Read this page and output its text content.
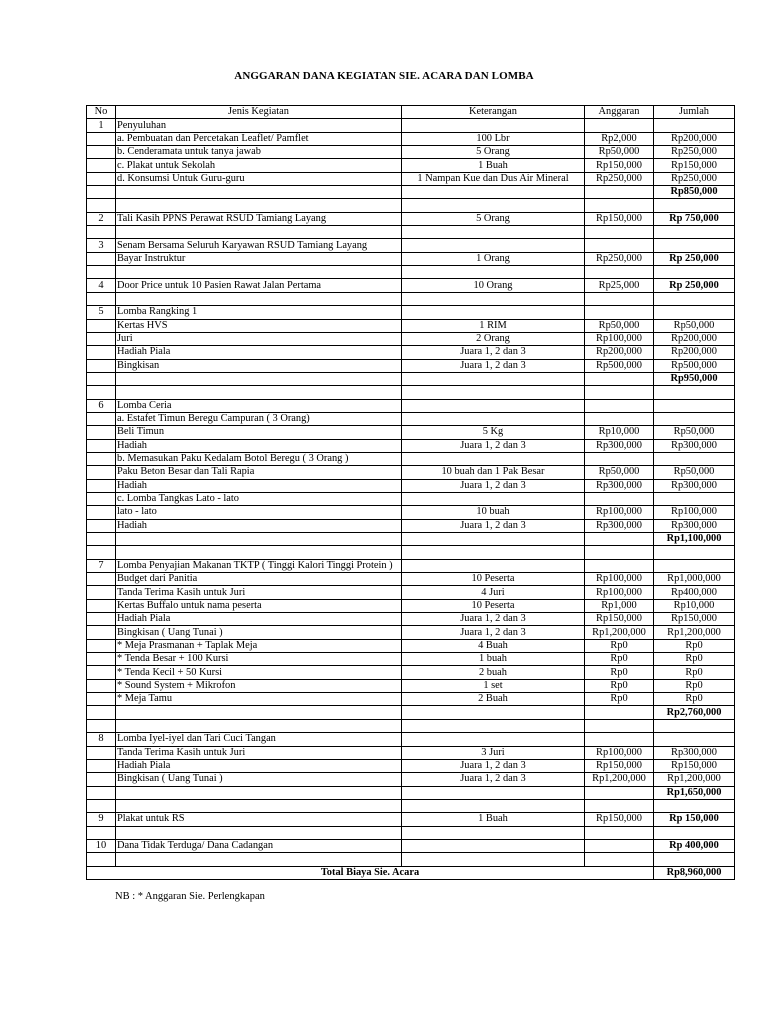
ANGGARAN DANA KEGIATAN SIE. ACARA DAN LOMBA
No	Jenis Kegiatan	Keterangan	Anggaran	Jumlah
1	Penyuluhan			
	a. Pembuatan dan Percetakan Leaflet/ Pamflet	100 Lbr	Rp2,000	Rp200,000
	b. Cenderamata untuk tanya jawab	5 Orang	Rp50,000	Rp250,000
	c. Plakat untuk Sekolah	1 Buah	Rp150,000	Rp150,000
	d. Konsumsi Untuk Guru-guru	1 Nampan Kue dan Dus Air Mineral	Rp250,000	Rp250,000
				Rp850,000

2	Tali Kasih PPNS Perawat RSUD Tamiang Layang	5 Orang	Rp150,000	Rp 750,000

3	Senam Bersama Seluruh Karyawan RSUD Tamiang Layang			
	Bayar Instruktur	1 Orang	Rp250,000	Rp 250,000

4	Door Price untuk 10 Pasien Rawat Jalan Pertama	10 Orang	Rp25,000	Rp 250,000

5	Lomba Rangking 1			
	Kertas HVS	1 RIM	Rp50,000	Rp50,000
	Juri	2 Orang	Rp100,000	Rp200,000
	Hadiah Piala	Juara 1, 2 dan 3	Rp200,000	Rp200,000
	Bingkisan	Juara 1, 2 dan 3	Rp500,000	Rp500,000
				Rp950,000

6	Lomba Ceria			
	a. Estafet Timun Beregu Campuran ( 3 Orang)			
	Beli Timun	5 Kg	Rp10,000	Rp50,000
	Hadiah	Juara 1, 2 dan 3	Rp300,000	Rp300,000
	b. Memasukan Paku Kedalam Botol Beregu ( 3 Orang )			
	Paku Beton Besar dan Tali Rapia	10 buah dan 1 Pak Besar	Rp50,000	Rp50,000
	Hadiah	Juara 1, 2 dan 3	Rp300,000	Rp300,000
	c. Lomba Tangkas Lato - lato			
	lato - lato	10 buah	Rp100,000	Rp100,000
	Hadiah	Juara 1, 2 dan 3	Rp300,000	Rp300,000
				Rp1,100,000

7	Lomba Penyajian Makanan TKTP ( Tinggi Kalori Tinggi Protein )			
	Budget dari Panitia	10 Peserta	Rp100,000	Rp1,000,000
	Tanda Terima Kasih untuk Juri	4 Juri	Rp100,000	Rp400,000
	Kertas Buffalo untuk nama peserta	10 Peserta	Rp1,000	Rp10,000
	Hadiah Piala	Juara 1, 2 dan 3	Rp150,000	Rp150,000
	Bingkisan ( Uang Tunai )	Juara 1, 2 dan 3	Rp1,200,000	Rp1,200,000
	* Meja Prasmanan + Taplak Meja	4 Buah	Rp0	Rp0
	* Tenda Besar + 100 Kursi	1 buah	Rp0	Rp0
	* Tenda Kecil + 50 Kursi	2 buah	Rp0	Rp0
	* Sound System + Mikrofon	1 set	Rp0	Rp0
	* Meja Tamu	2 Buah	Rp0	Rp0
				Rp2,760,000

8	Lomba Iyel-iyel dan Tari Cuci Tangan			
	Tanda Terima Kasih untuk Juri	3 Juri	Rp100,000	Rp300,000
	Hadiah Piala	Juara 1, 2 dan 3	Rp150,000	Rp150,000
	Bingkisan ( Uang Tunai )	Juara 1, 2 dan 3	Rp1,200,000	Rp1,200,000
				Rp1,650,000

9	Plakat untuk RS	1 Buah	Rp150,000	Rp 150,000

10	Dana Tidak Terduga/ Dana Cadangan			Rp 400,000

Total Biaya Sie. Acara				Rp8,960,000
NB : * Anggaran Sie. Perlengkapan
